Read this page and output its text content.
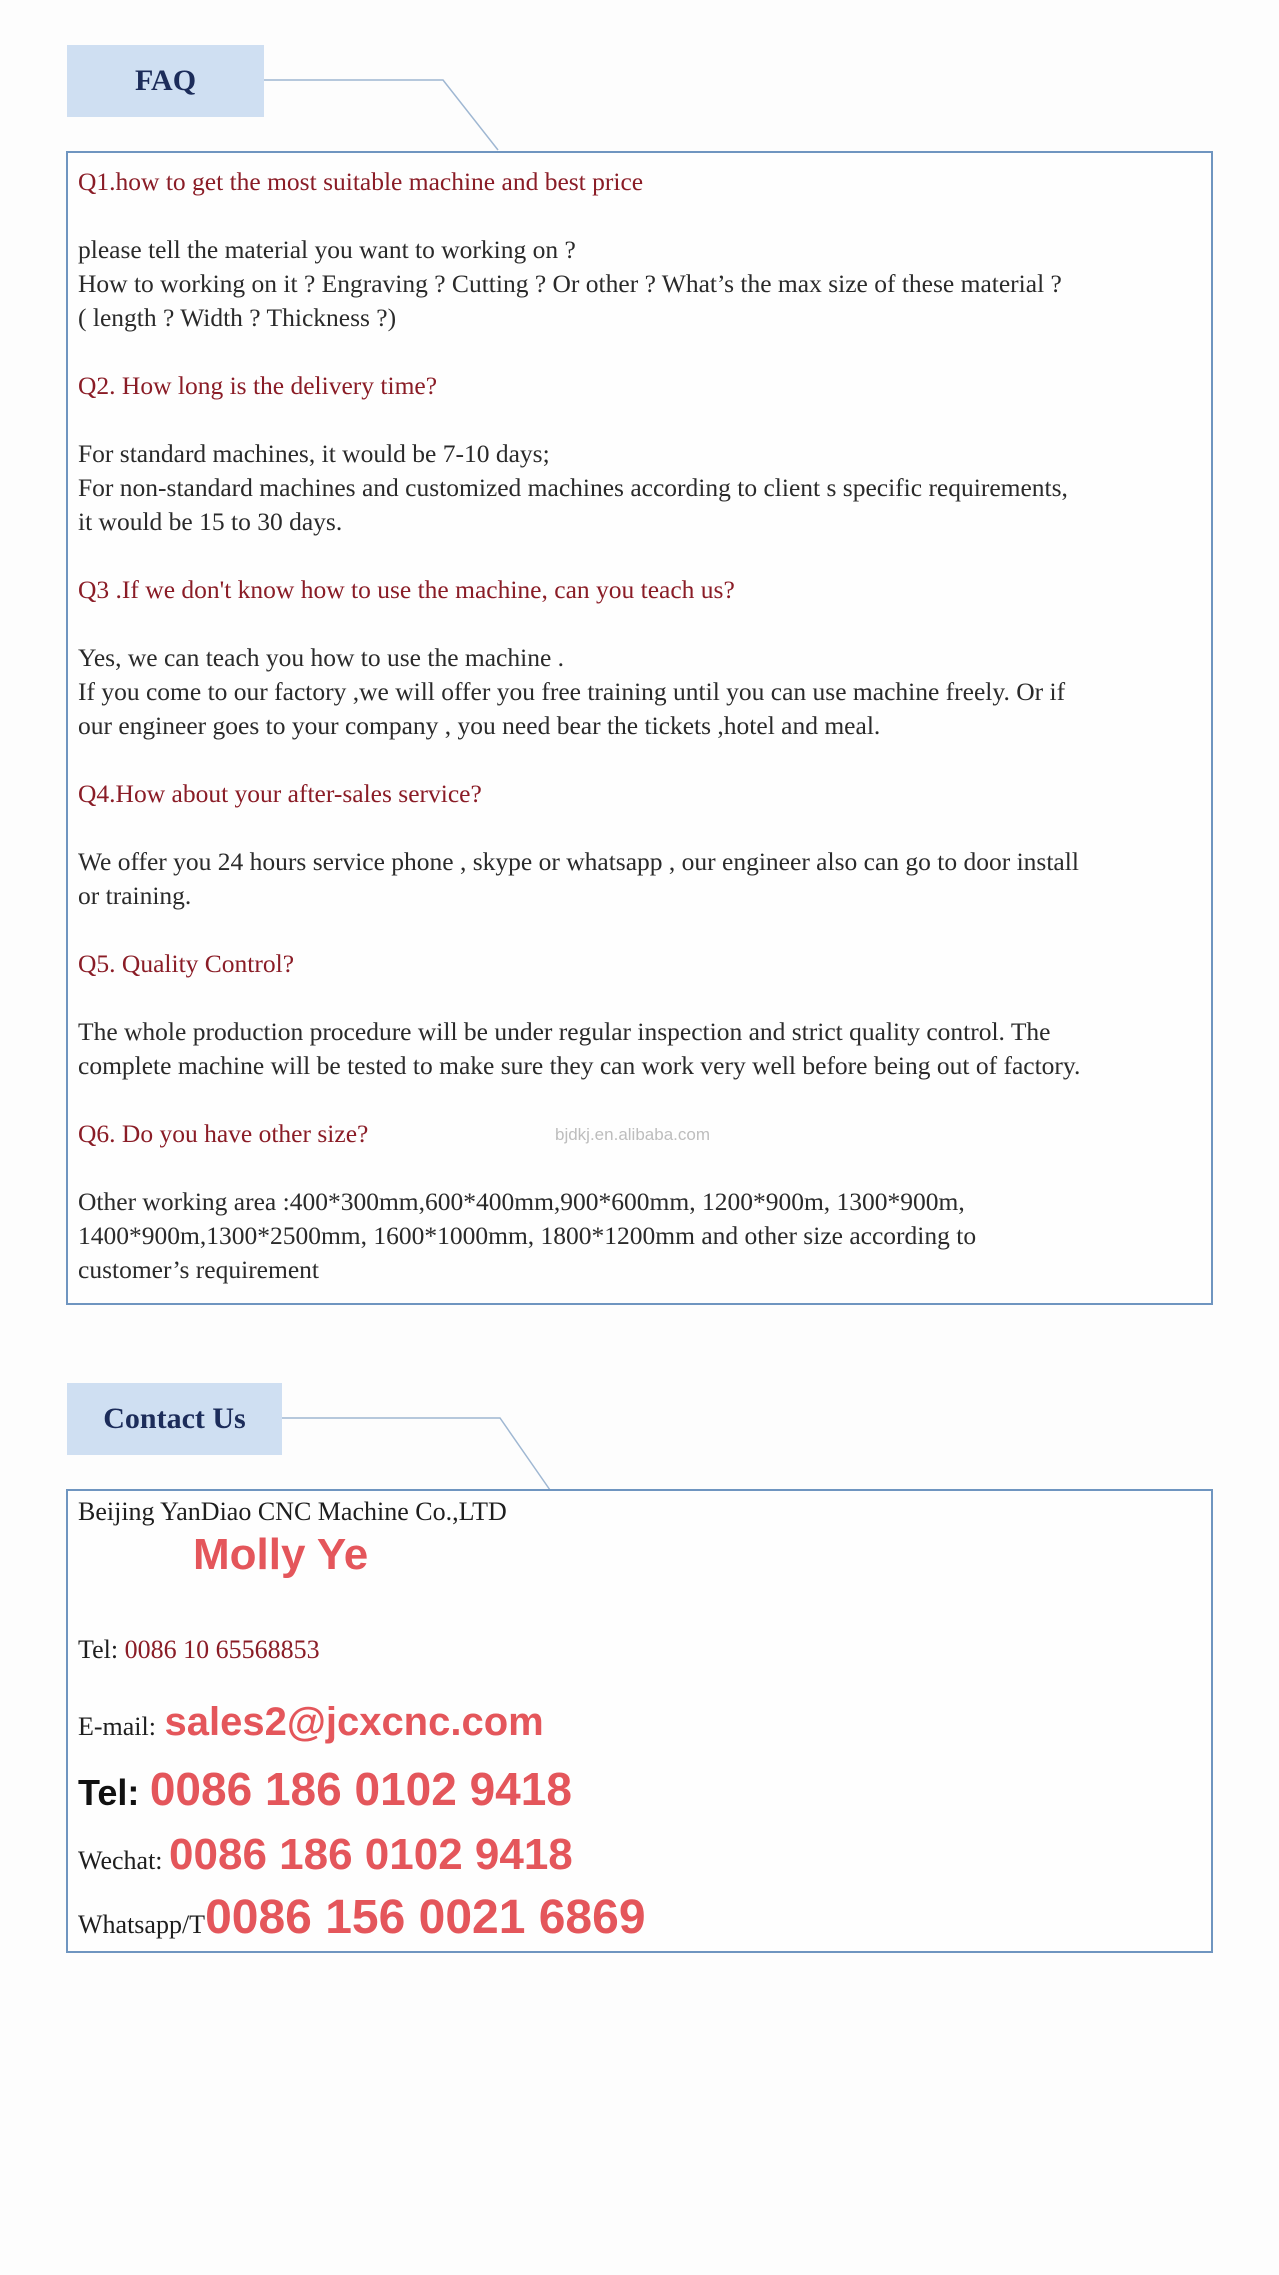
FAQ
Q1.how to get the most suitable machine and best price
please tell the material you want to working on ?
How to working on it ? Engraving ? Cutting ? Or other ? What’s the max size of these material ?
( length ? Width ? Thickness ?)
Q2. How long is the delivery time?
For standard machines, it would be 7-10 days;
For non-standard machines and customized machines according to client s specific requirements,
it would be 15 to 30 days.
Q3 .If we don't know how to use the machine, can you teach us?
Yes, we can teach you how to use the machine .
If you come to our factory ,we will offer you free training until you can use machine freely. Or if
our engineer goes to your company , you need bear the tickets ,hotel and meal.
Q4.How about your after-sales service?
We offer you 24 hours service phone , skype or whatsapp , our engineer also can go to door install
or training.
Q5. Quality Control?
The whole production procedure will be under regular inspection and strict quality control. The
complete machine will be tested to make sure they can work very well before being out of factory.
Q6. Do you have other size?
Other working area :400*300mm,600*400mm,900*600mm, 1200*900m, 1300*900m,
1400*900m,1300*2500mm, 1600*1000mm, 1800*1200mm and other size according to
customer’s requirement
bjdkj.en.alibaba.com
Contact Us
Beijing YanDiao CNC Machine Co.,LTD
Molly Ye
Tel: 0086 10 65568853
E-mail: sales2@jcxcnc.com
Tel: 0086 186 0102 9418
Wechat: 0086 186 0102 9418
Whatsapp/T0086 156 0021 6869
